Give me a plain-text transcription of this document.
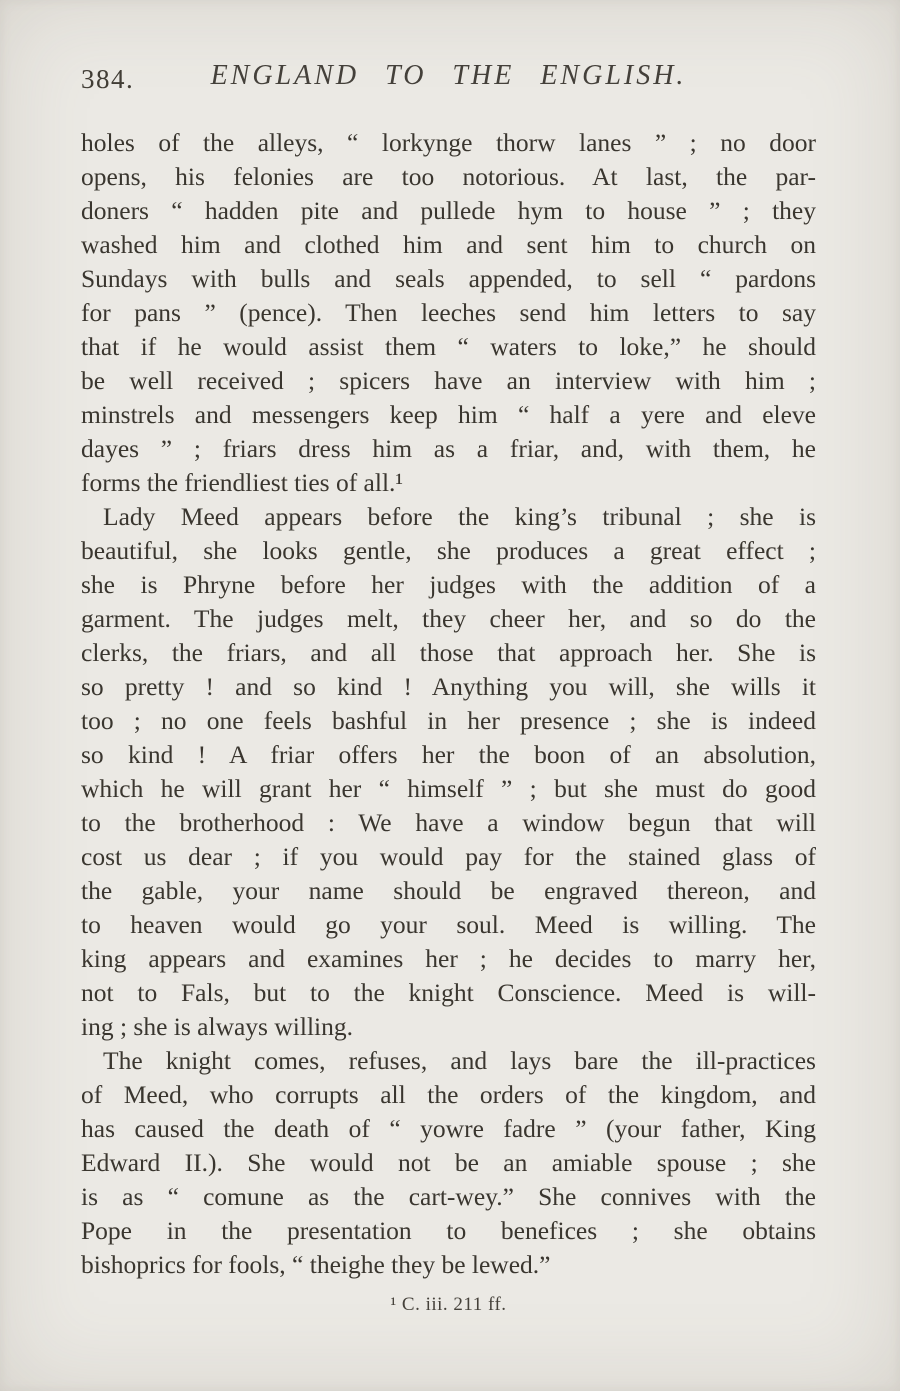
384.	ENGLAND TO THE ENGLISH.
holes of the alleys, “ lorkynge thorw lanes ” ; no door
opens, his felonies are too notorious. At last, the par-
doners “ hadden pite and pullede hym to house ” ; they
washed him and clothed him and sent him to church on
Sundays with bulls and seals appended, to sell “ pardons
for pans ” (pence). Then leeches send him letters to say
that if he would assist them “ waters to loke,” he should
be well received ; spicers have an interview with him ;
minstrels and messengers keep him “ half a yere and eleve
dayes ” ; friars dress him as a friar, and, with them, he
forms the friendliest ties of all.¹
Lady Meed appears before the king’s tribunal ; she is
beautiful, she looks gentle, she produces a great effect ;
she is Phryne before her judges with the addition of a
garment. The judges melt, they cheer her, and so do the
clerks, the friars, and all those that approach her. She is
so pretty ! and so kind ! Anything you will, she wills it
too ; no one feels bashful in her presence ; she is indeed
so kind ! A friar offers her the boon of an absolution,
which he will grant her “ himself ” ; but she must do good
to the brotherhood : We have a window begun that will
cost us dear ; if you would pay for the stained glass of
the gable, your name should be engraved thereon, and
to heaven would go your soul. Meed is willing. The
king appears and examines her ; he decides to marry her,
not to Fals, but to the knight Conscience. Meed is will-
ing ; she is always willing.
The knight comes, refuses, and lays bare the ill-practices
of Meed, who corrupts all the orders of the kingdom, and
has caused the death of “ yowre fadre ” (your father, King
Edward II.). She would not be an amiable spouse ; she
is as “ comune as the cart-wey.” She connives with the
Pope in the presentation to benefices ; she obtains
bishoprics for fools, “ theighe they be lewed.”
¹ C. iii. 211 ff.
